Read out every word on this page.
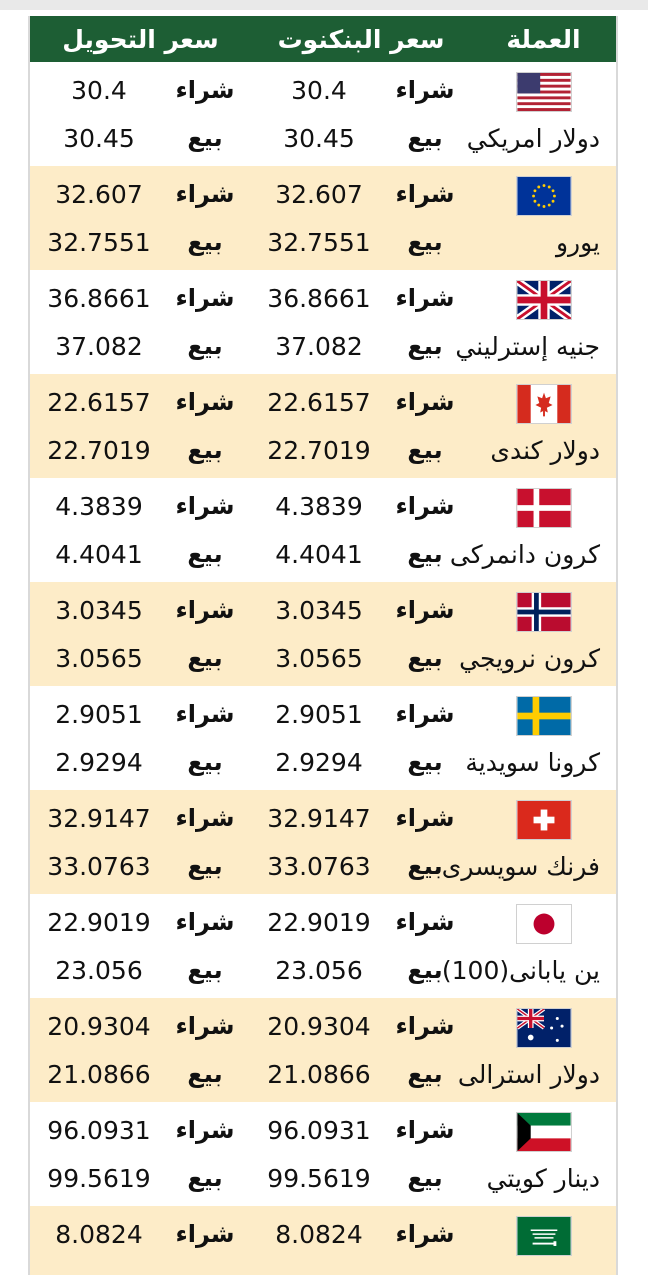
العملة
سعر البنكنوت
سعر التحويل
دولار امريكي
شراء
30.4
بيع
30.45
شراء
30.4
بيع
30.45
يورو
شراء
32.607
بيع
32.7551
شراء
32.607
بيع
32.7551
جنيه إسترليني
شراء
36.8661
بيع
37.082
شراء
36.8661
بيع
37.082
دولار كندى
شراء
22.6157
بيع
22.7019
شراء
22.6157
بيع
22.7019
كرون دانمركى
شراء
4.3839
بيع
4.4041
شراء
4.3839
بيع
4.4041
كرون نرويجي
شراء
3.0345
بيع
3.0565
شراء
3.0345
بيع
3.0565
كرونا سويدية
شراء
2.9051
بيع
2.9294
شراء
2.9051
بيع
2.9294
فرنك سويسرى
شراء
32.9147
بيع
33.0763
شراء
32.9147
بيع
33.0763
ين يابانى(100)
شراء
22.9019
بيع
23.056
شراء
22.9019
بيع
23.056
دولار استرالى
شراء
20.9304
بيع
21.0866
شراء
20.9304
بيع
21.0866
دينار كويتي
شراء
96.0931
بيع
99.5619
شراء
96.0931
بيع
99.5619
شراء
8.0824
شراء
8.0824
